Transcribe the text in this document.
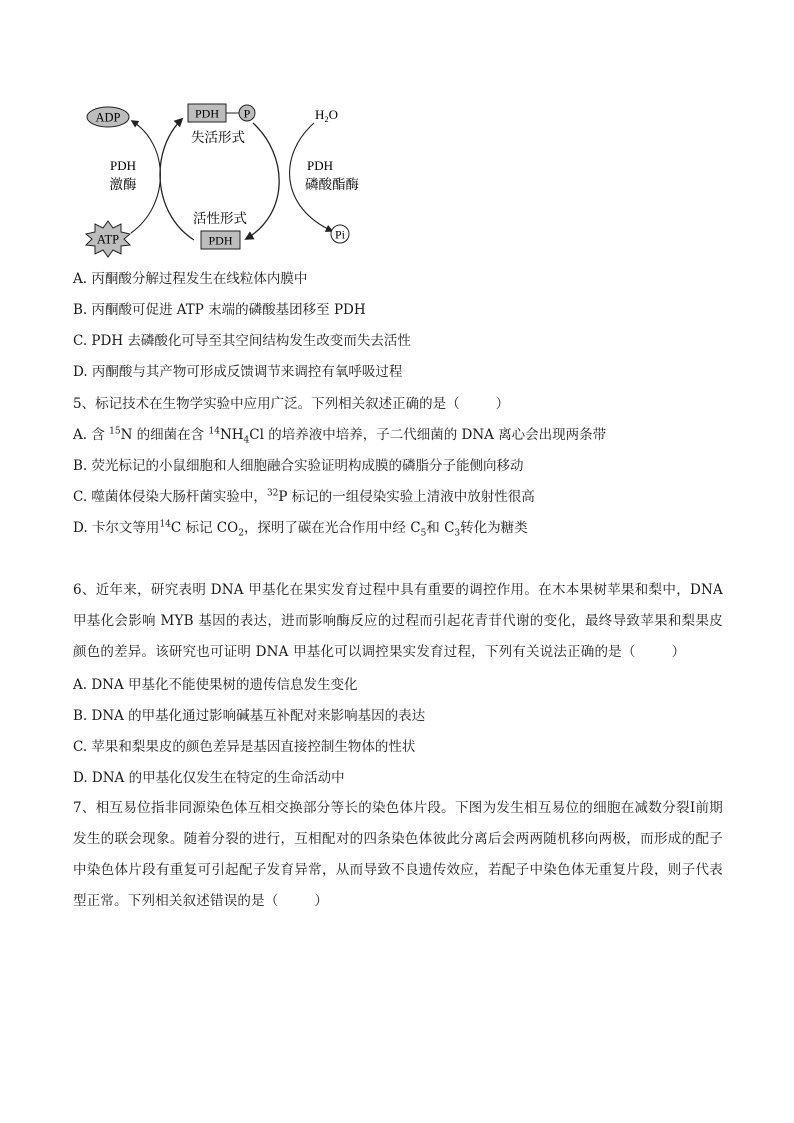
ADP
ATP
PDH P
失活形式
活性形式
PDH
PDH
激酶
$H_2O$
PDH
磷酸酯酶
Pi
A. 丙酮酸分解过程发生在线粒体内膜中
B. 丙酮酸可促进 ATP 末端的磷酸基团移至 PDH
C. PDH 去磷酸化可导至其空间结构发生改变而失去活性
D. 丙酮酸与其产物可形成反馈调节来调控有氧呼吸过程
5、标记技术在生物学实验中应用广泛。下列相关叙述正确的是（	）
A. 含 $^{15}$N 的细菌在含 $^{14}NH_4Cl$ 的培养液中培养，子二代细菌的 DNA 离心会出现两条带
B. 荧光标记的小鼠细胞和人细胞融合实验证明构成膜的磷脂分子能侧向移动
C. 噬菌体侵染大肠杆菌实验中，$^{32}$P 标记的一组侵染实验上清液中放射性很高
D. 卡尔文等用$^{14}$C 标记 $CO_2$，探明了碳在光合作用中经 $C_5$和 $C_3$转化为糖类
6、近年来，研究表明 DNA 甲基化在果实发育过程中具有重要的调控作用。在木本果树苹果和梨中，DNA 甲基化会影响 MYB 基因的表达，进而影响酶反应的过程而引起花青苷代谢的变化，最终导致苹果和梨果皮颜色的差异。该研究也可证明 DNA 甲基化可以调控果实发育过程，下列有关说法正确的是（	）
A. DNA 甲基化不能使果树的遗传信息发生变化
B. DNA 的甲基化通过影响碱基互补配对来影响基因的表达
C. 苹果和梨果皮的颜色差异是基因直接控制生物体的性状
D. DNA 的甲基化仅发生在特定的生命活动中
7、相互易位指非同源染色体互相交换部分等长的染色体片段。下图为发生相互易位的细胞在减数分裂Ⅰ前期发生的联会现象。随着分裂的进行，互相配对的四条染色体彼此分离后会两两随机移向两极，而形成的配子中染色体片段有重复可引起配子发育异常，从而导致不良遗传效应，若配子中染色体无重复片段，则子代表型正常。下列相关叙述错误的是（	）
